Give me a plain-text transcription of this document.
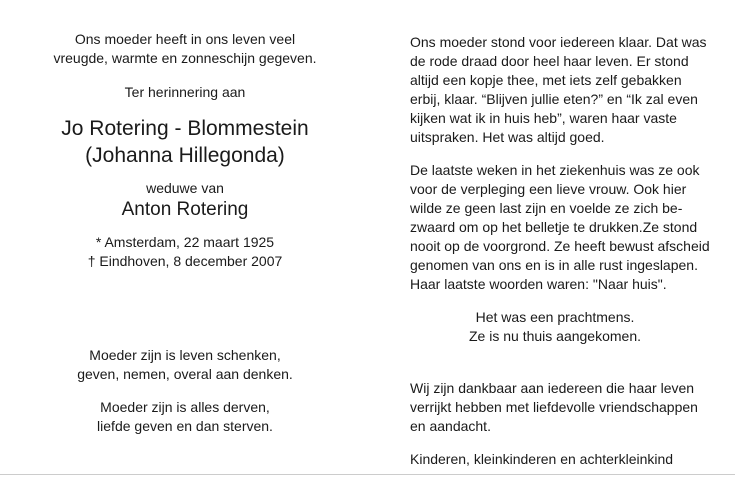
Ons moeder heeft in ons leven veel
vreugde, warmte en zonneschijn gegeven.
Ter herinnering aan
Jo Rotering - Blommestein
(Johanna Hillegonda)
weduwe van
Anton Rotering
* Amsterdam, 22 maart 1925
† Eindhoven, 8 december 2007
Moeder zijn is leven schenken,
geven, nemen, overal aan denken.
Moeder zijn is alles derven,
liefde geven en dan sterven.
Ons moeder stond voor iedereen klaar. Dat was
de rode draad door heel haar leven. Er stond
altijd een kopje thee, met iets zelf gebakken
erbij, klaar. “Blijven jullie eten?” en “Ik zal even
kijken wat ik in huis heb”, waren haar vaste
uitspraken. Het was altijd goed.
De laatste weken in het ziekenhuis was ze ook
voor de verpleging een lieve vrouw. Ook hier
wilde ze geen last zijn en voelde ze zich be-
zwaard om op het belletje te drukken.Ze stond
nooit op de voorgrond. Ze heeft bewust afscheid
genomen van ons en is in alle rust ingeslapen.
Haar laatste woorden waren: "Naar huis".
Het was een prachtmens.
Ze is nu thuis aangekomen.
Wij zijn dankbaar aan iedereen die haar leven
verrijkt hebben met liefdevolle vriendschappen
en aandacht.
Kinderen, kleinkinderen en achterkleinkind
